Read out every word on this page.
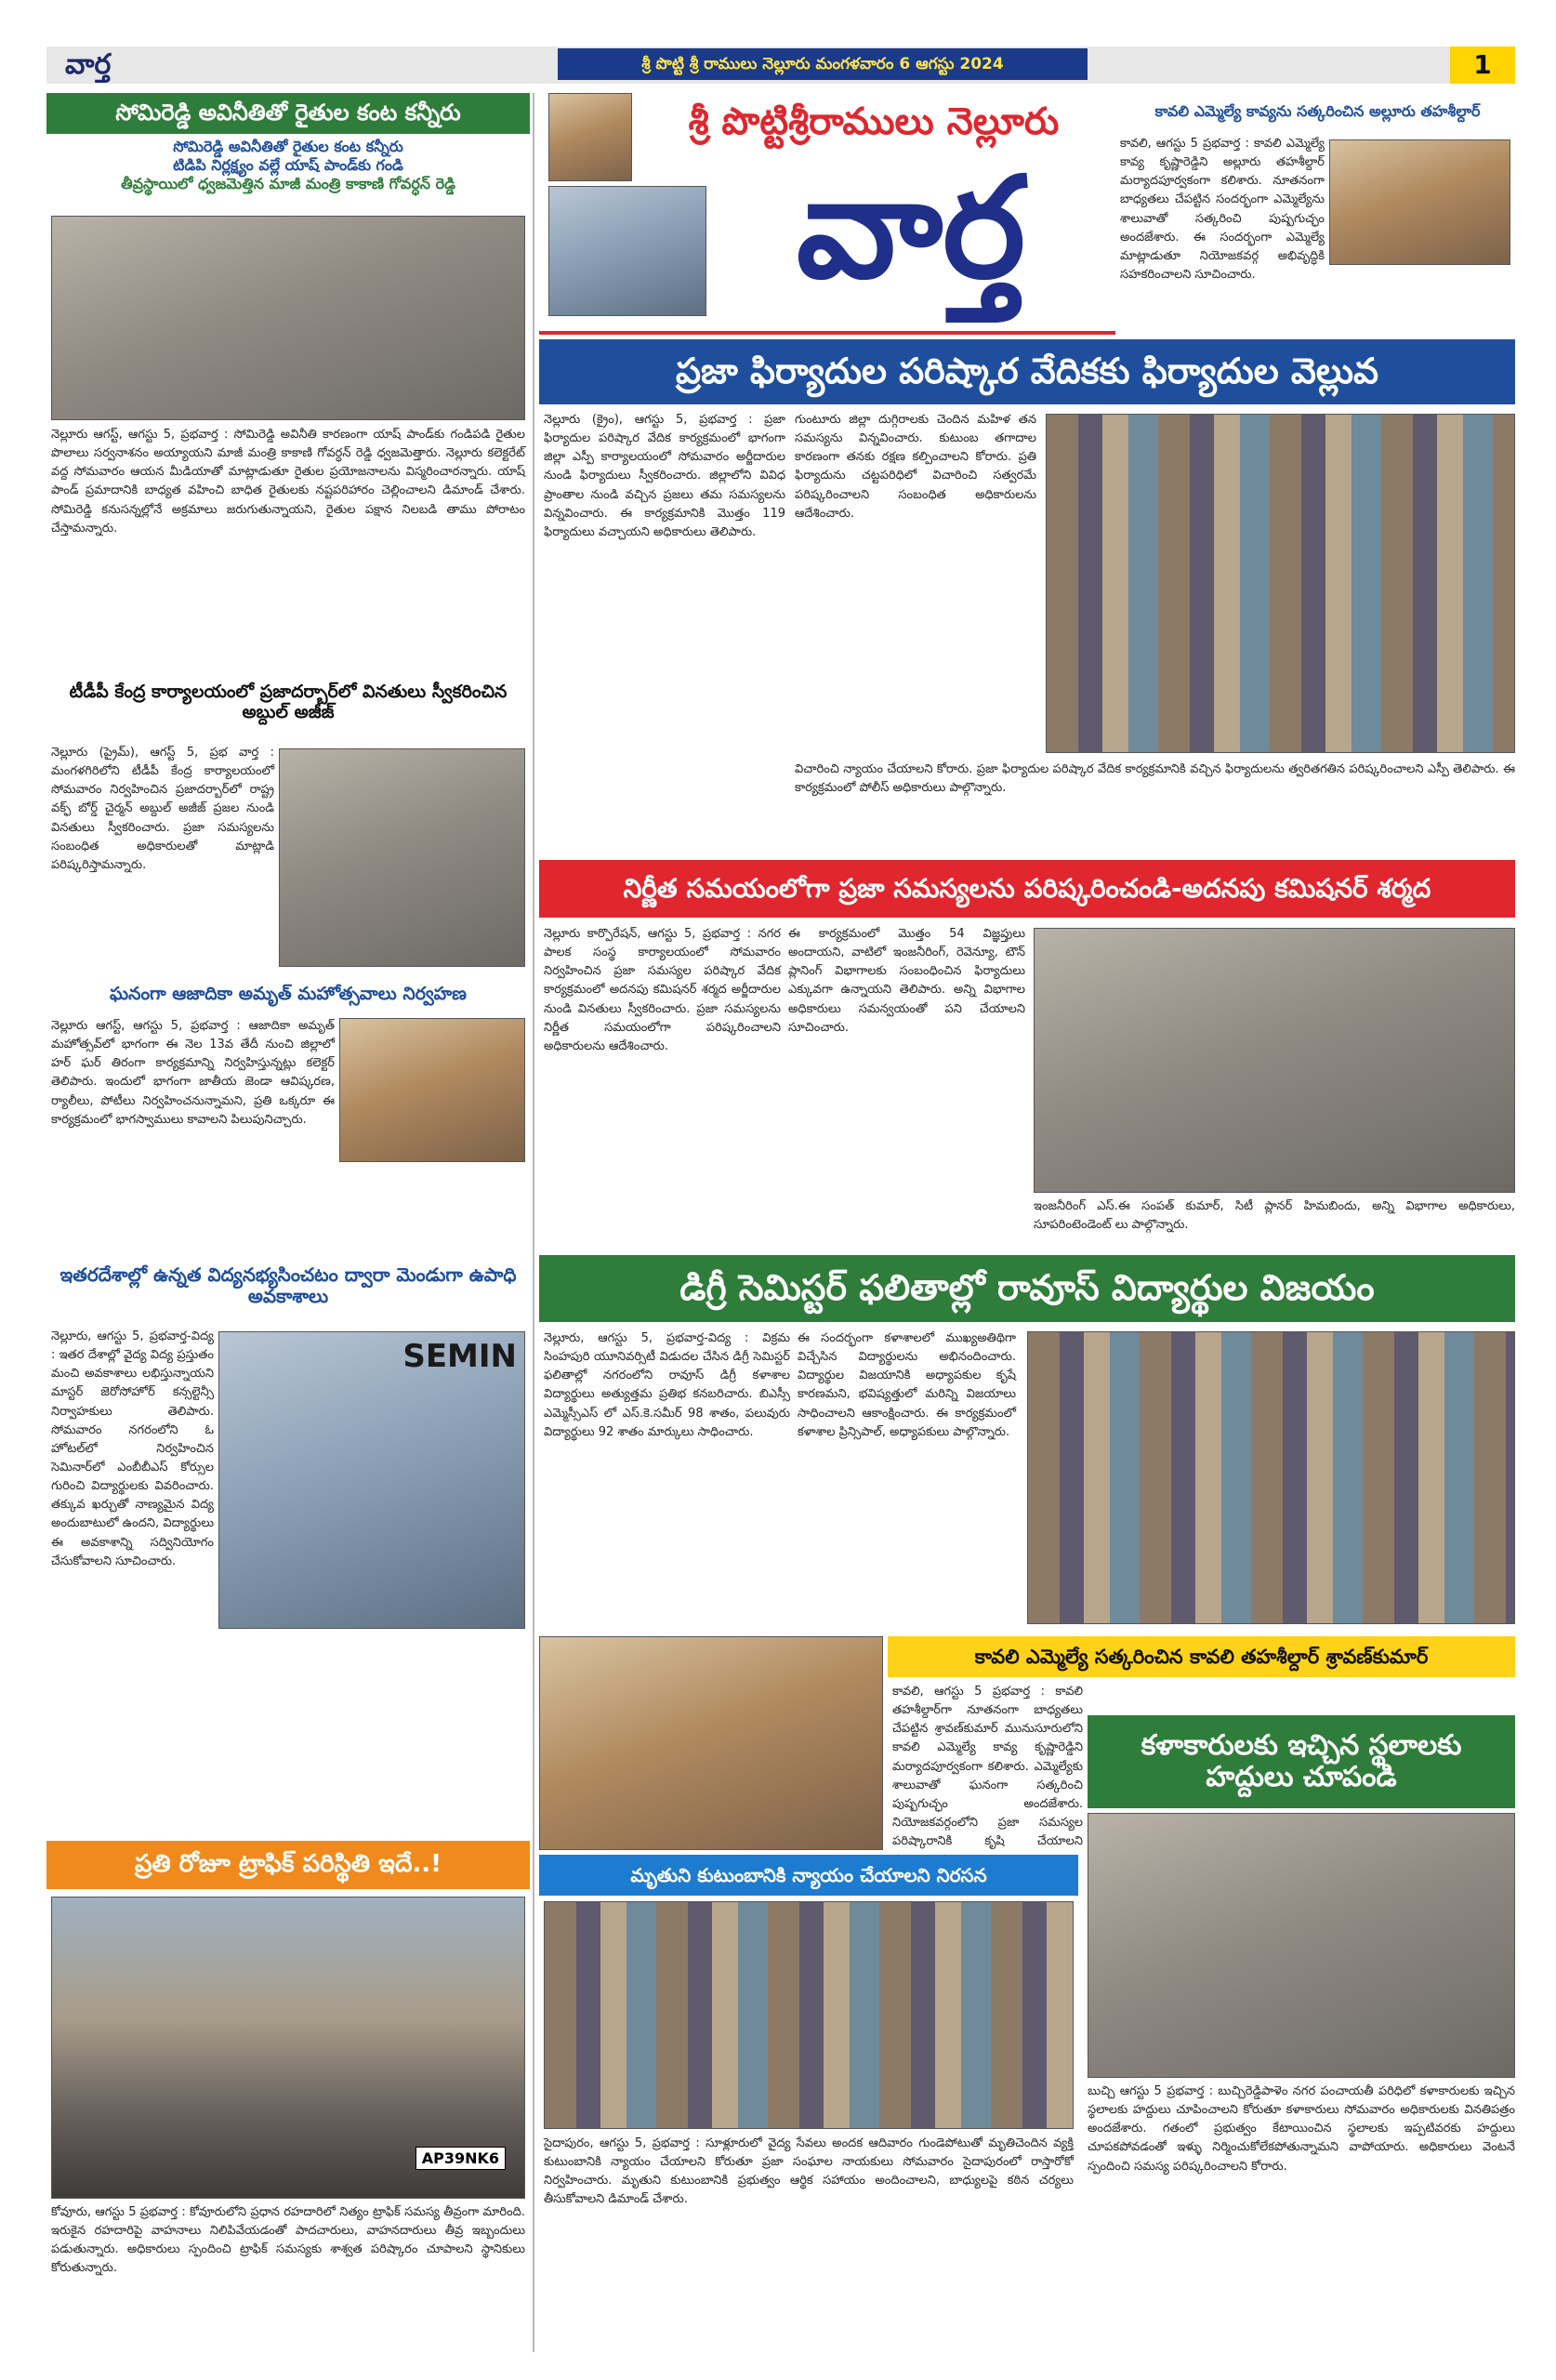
వార్త	శ్రీ పొట్టి శ్రీ రాములు నెల్లూరు మంగళవారం 6 ఆగస్టు 2024	1
శ్రీ పొట్టిశ్రీరాములు నెల్లూరు
వార్త
సోమిరెడ్డి అవినీతితో రైతుల కంట కన్నీరు
సోమిరెడ్డి అవినీతితో రైతుల కంట కన్నీరు
టిడిపి నిర్లక్ష్యం వల్లే యాష్ పాండ్‌కు గండి
తీవ్రస్థాయిలో ధ్వజమెత్తిన మాజీ మంత్రి కాకాణి గోవర్ధన్ రెడ్డి
నెల్లూరు ఆగస్ట్, ఆగస్టు 5, ప్రభవార్త : సోమిరెడ్డి అవినీతి కారణంగా యాష్ పాండ్‌కు గండిపడి రైతుల పొలాలు సర్వనాశనం అయ్యాయని మాజీ మంత్రి కాకాణి గోవర్ధన్ రెడ్డి ధ్వజమెత్తారు. నెల్లూరు కలెక్టరేట్ వద్ద సోమవారం ఆయన మీడియాతో మాట్లాడుతూ రైతుల ప్రయోజనాలను విస్మరించారన్నారు. యాష్ పాండ్ ప్రమాదానికి బాధ్యత వహించి బాధిత రైతులకు నష్టపరిహారం చెల్లించాలని డిమాండ్ చేశారు. సోమిరెడ్డి కనుసన్నల్లోనే అక్రమాలు జరుగుతున్నాయని, రైతుల పక్షాన నిలబడి తాము పోరాటం చేస్తామన్నారు.
టీడీపీ కేంద్ర కార్యాలయంలో ప్రజాదర్బార్‌లో వినతులు స్వీకరించిన అబ్దుల్ అజీజ్
నెల్లూరు (ప్రైమ్), ఆగస్ట్ 5, ప్రభ వార్త : మంగళగిరిలోని టీడీపీ కేంద్ర కార్యాలయంలో సోమవారం నిర్వహించిన ప్రజాదర్బార్‌లో రాష్ట్ర వక్ఫ్ బోర్డ్ చైర్మన్ అబ్దుల్ అజీజ్ ప్రజల నుండి వినతులు స్వీకరించారు. ప్రజా సమస్యలను సంబంధిత అధికారులతో మాట్లాడి పరిష్కరిస్తామన్నారు.
ఘనంగా ఆజాదికా అమృత్ మహోత్సవాలు నిర్వహణ
నెల్లూరు ఆగస్ట్, ఆగస్టు 5, ప్రభవార్త : ఆజాదికా అమృత్ మహోత్సవ్‌లో భాగంగా ఈ నెల 13వ తేదీ నుంచి జిల్లాలో హర్ ఘర్ తిరంగా కార్యక్రమాన్ని నిర్వహిస్తున్నట్లు కలెక్టర్ తెలిపారు. ఇందులో భాగంగా జాతీయ జెండా ఆవిష్కరణ, ర్యాలీలు, పోటీలు నిర్వహించనున్నామని, ప్రతి ఒక్కరూ ఈ కార్యక్రమంలో భాగస్వాములు కావాలని పిలుపునిచ్చారు.
ఇతరదేశాల్లో ఉన్నత విద్యనభ్యసించటం ద్వారా మెండుగా ఉపాధి అవకాశాలు
నెల్లూరు, ఆగస్టు 5, ప్రభవార్త-విద్య : ఇతర దేశాల్లో వైద్య విద్య ప్రస్తుతం మంచి అవకాశాలు లభిస్తున్నాయని మాస్టర్ జెరోసోహోర్ కన్సల్టెన్సీ నిర్వాహకులు తెలిపారు. సోమవారం నగరంలోని ఓ హోటల్‌లో నిర్వహించిన సెమినార్‌లో ఎంబీబీఎస్ కోర్సుల గురించి విద్యార్థులకు వివరించారు. తక్కువ ఖర్చుతో నాణ్యమైన విద్య అందుబాటులో ఉందని, విద్యార్థులు ఈ అవకాశాన్ని సద్వినియోగం చేసుకోవాలని సూచించారు.
SEMIN
ప్రతి రోజూ ట్రాఫిక్ పరిస్థితి ఇదే..!
AP39NK6
కోవూరు, ఆగస్టు 5 ప్రభవార్త : కోవూరులోని ప్రధాన రహదారిలో నిత్యం ట్రాఫిక్ సమస్య తీవ్రంగా మారింది. ఇరుకైన రహదారిపై వాహనాలు నిలిపివేయడంతో పాదచారులు, వాహనదారులు తీవ్ర ఇబ్బందులు పడుతున్నారు. అధికారులు స్పందించి ట్రాఫిక్ సమస్యకు శాశ్వత పరిష్కారం చూపాలని స్థానికులు కోరుతున్నారు.
కావలి ఎమ్మెల్యే కావ్యను సత్కరించిన అల్లూరు తహశీల్దార్
కావలి, ఆగస్టు 5 ప్రభవార్త : కావలి ఎమ్మెల్యే కావ్య కృష్ణారెడ్డిని అల్లూరు తహశీల్దార్ మర్యాదపూర్వకంగా కలిశారు. నూతనంగా బాధ్యతలు చేపట్టిన సందర్భంగా ఎమ్మెల్యేను శాలువాతో సత్కరించి పుష్పగుచ్ఛం అందజేశారు. ఈ సందర్భంగా ఎమ్మెల్యే మాట్లాడుతూ నియోజకవర్గ అభివృద్ధికి సహకరించాలని సూచించారు.
ప్రజా ఫిర్యాదుల పరిష్కార వేదికకు ఫిర్యాదుల వెల్లువ
నెల్లూరు (క్రైం), ఆగస్టు 5, ప్రభవార్త : ప్రజా ఫిర్యాదుల పరిష్కార వేదిక కార్యక్రమంలో భాగంగా జిల్లా ఎస్పీ కార్యాలయంలో సోమవారం అర్జీదారుల నుండి ఫిర్యాదులు స్వీకరించారు. జిల్లాలోని వివిధ ప్రాంతాల నుండి వచ్చిన ప్రజలు తమ సమస్యలను విన్నవించారు. ఈ కార్యక్రమానికి మొత్తం 119 ఫిర్యాదులు వచ్చాయని అధికారులు తెలిపారు.
గుంటూరు జిల్లా దుగ్గిరాలకు చెందిన మహిళ తన సమస్యను విన్నవించారు. కుటుంబ తగాదాల కారణంగా తనకు రక్షణ కల్పించాలని కోరారు. ప్రతి ఫిర్యాదును చట్టపరిధిలో విచారించి సత్వరమే పరిష్కరించాలని సంబంధిత అధికారులను ఆదేశించారు.
విచారించి న్యాయం చేయాలని కోరారు. ప్రజా ఫిర్యాదుల పరిష్కార వేదిక కార్యక్రమానికి వచ్చిన ఫిర్యాదులను త్వరితగతిన పరిష్కరించాలని ఎస్పీ తెలిపారు. ఈ కార్యక్రమంలో పోలీస్ అధికారులు పాల్గొన్నారు.
నిర్ణీత సమయంలోగా ప్రజా సమస్యలను పరిష్కరించండి-అదనపు కమిషనర్ శర్మద
నెల్లూరు కార్పొరేషన్, ఆగస్టు 5, ప్రభవార్త : నగర పాలక సంస్థ కార్యాలయంలో సోమవారం నిర్వహించిన ప్రజా సమస్యల పరిష్కార వేదిక కార్యక్రమంలో అదనపు కమిషనర్ శర్మద అర్జీదారుల నుండి వినతులు స్వీకరించారు. ప్రజా సమస్యలను నిర్ణీత సమయంలోగా పరిష్కరించాలని అధికారులను ఆదేశించారు.
ఈ కార్యక్రమంలో మొత్తం 54 విజ్ఞప్తులు అందాయని, వాటిలో ఇంజనీరింగ్, రెవెన్యూ, టౌన్ ప్లానింగ్ విభాగాలకు సంబంధించిన ఫిర్యాదులు ఎక్కువగా ఉన్నాయని తెలిపారు. అన్ని విభాగాల అధికారులు సమన్వయంతో పని చేయాలని సూచించారు.
ఇంజనీరింగ్ ఎస్.ఈ సంపత్ కుమార్, సిటీ ప్లానర్ హిమబిందు, అన్ని విభాగాల అధికారులు, సూపరింటెండెంట్ లు పాల్గొన్నారు.
డిగ్రీ సెమిస్టర్ ఫలితాల్లో రావూస్ విద్యార్థుల విజయం
నెల్లూరు, ఆగస్టు 5, ప్రభవార్త-విద్య : విక్రమ సింహపురి యూనివర్సిటీ విడుదల చేసిన డిగ్రీ సెమిస్టర్ ఫలితాల్లో నగరంలోని రావూస్ డిగ్రీ కళాశాల విద్యార్థులు అత్యుత్తమ ప్రతిభ కనబరిచారు. బిఎస్సీ ఎమ్మెస్సీఎస్ లో ఎస్.కె.సమీర్ 98 శాతం, పలువురు విద్యార్థులు 92 శాతం మార్కులు సాధించారు.
ఈ సందర్భంగా కళాశాలలో ముఖ్యఅతిథిగా విచ్చేసిన విద్యార్థులను అభినందించారు. విద్యార్థుల విజయానికి అధ్యాపకుల కృషే కారణమని, భవిష్యత్తులో మరిన్ని విజయాలు సాధించాలని ఆకాంక్షించారు. ఈ కార్యక్రమంలో కళాశాల ప్రిన్సిపాల్, అధ్యాపకులు పాల్గొన్నారు.
కావలి ఎమ్మెల్యే సత్కరించిన కావలి తహశీల్దార్ శ్రావణ్‌కుమార్
కావలి, ఆగస్టు 5 ప్రభవార్త : కావలి తహశీల్దార్‌గా నూతనంగా బాధ్యతలు చేపట్టిన శ్రావణ్‌కుమార్ మునుసూరులోని కావలి ఎమ్మెల్యే కావ్య కృష్ణారెడ్డిని మర్యాదపూర్వకంగా కలిశారు. ఎమ్మెల్యేకు శాలువాతో ఘనంగా సత్కరించి పుష్పగుచ్ఛం అందజేశారు. నియోజకవర్గంలోని ప్రజా సమస్యల పరిష్కారానికి కృషి చేయాలని
మృతుని కుటుంబానికి న్యాయం చేయాలని నిరసన
సైదాపురం, ఆగస్టు 5, ప్రభవార్త : సూళ్లూరులో వైద్య సేవలు అందక ఆదివారం గుండెపోటుతో మృతిచెందిన వ్యక్తి కుటుంబానికి న్యాయం చేయాలని కోరుతూ ప్రజా సంఘాల నాయకులు సోమవారం సైదాపురంలో రాస్తారోకో నిర్వహించారు. మృతుని కుటుంబానికి ప్రభుత్వం ఆర్థిక సహాయం అందించాలని, బాధ్యులపై కఠిన చర్యలు తీసుకోవాలని డిమాండ్ చేశారు.
కళాకారులకు ఇచ్చిన స్థలాలకు హద్దులు చూపండి
బుచ్చి ఆగస్టు 5 ప్రభవార్త : బుచ్చిరెడ్డిపాళెం నగర పంచాయతీ పరిధిలో కళాకారులకు ఇచ్చిన స్థలాలకు హద్దులు చూపించాలని కోరుతూ కళాకారులు సోమవారం అధికారులకు వినతిపత్రం అందజేశారు. గతంలో ప్రభుత్వం కేటాయించిన స్థలాలకు ఇప్పటివరకు హద్దులు చూపకపోవడంతో ఇళ్ళు నిర్మించుకోలేకపోతున్నామని వాపోయారు. అధికారులు వెంటనే స్పందించి సమస్య పరిష్కరించాలని కోరారు.
